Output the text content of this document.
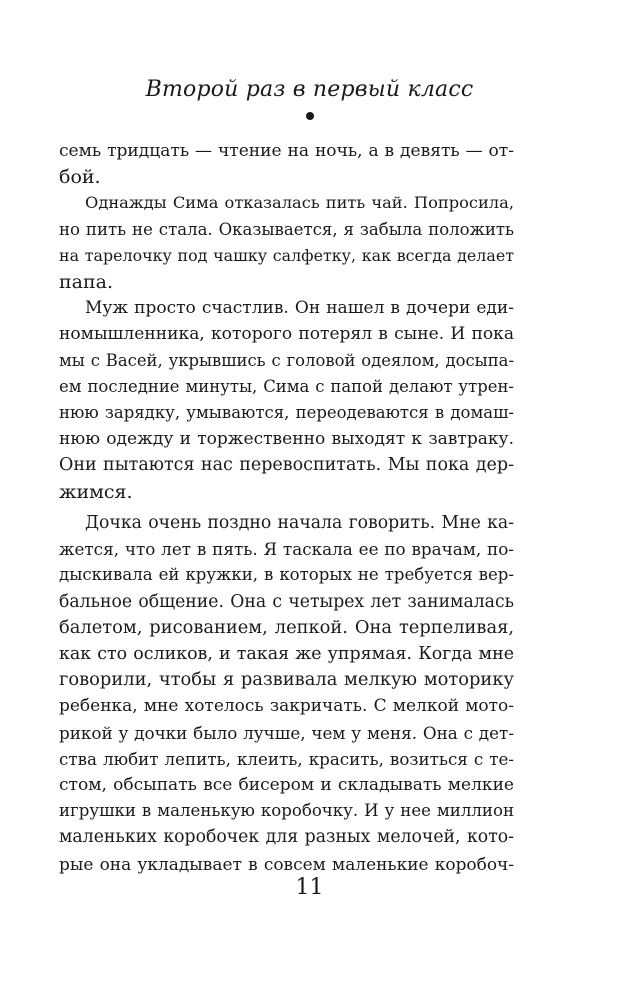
Второй раз в первый класс
семь тридцать — чтение на ночь, а в девять — от-
бой.
Однажды Сима отказалась пить чай. Попросила,
но пить не стала. Оказывается, я забыла положить
на тарелочку под чашку салфетку, как всегда делает
папа.
Муж просто счастлив. Он нашел в дочери еди-
номышленника, которого потерял в сыне. И пока
мы с Васей, укрывшись с головой одеялом, досыпа-
ем последние минуты, Сима с папой делают утрен-
нюю зарядку, умываются, переодеваются в домаш-
нюю одежду и торжественно выходят к завтраку.
Они пытаются нас перевоспитать. Мы пока дер-
жимся.
Дочка очень поздно начала говорить. Мне ка-
жется, что лет в пять. Я таскала ее по врачам, по-
дыскивала ей кружки, в которых не требуется вер-
бальное общение. Она с четырех лет занималась
балетом, рисованием, лепкой. Она терпеливая,
как сто осликов, и такая же упрямая. Когда мне
говорили, чтобы я развивала мелкую моторику
ребенка, мне хотелось закричать. С мелкой мото-
рикой у дочки было лучше, чем у меня. Она с дет-
ства любит лепить, клеить, красить, возиться с те-
стом, обсыпать все бисером и складывать мелкие
игрушки в маленькую коробочку. И у нее миллион
маленьких коробочек для разных мелочей, кото-
рые она укладывает в совсем маленькие коробоч-
11
